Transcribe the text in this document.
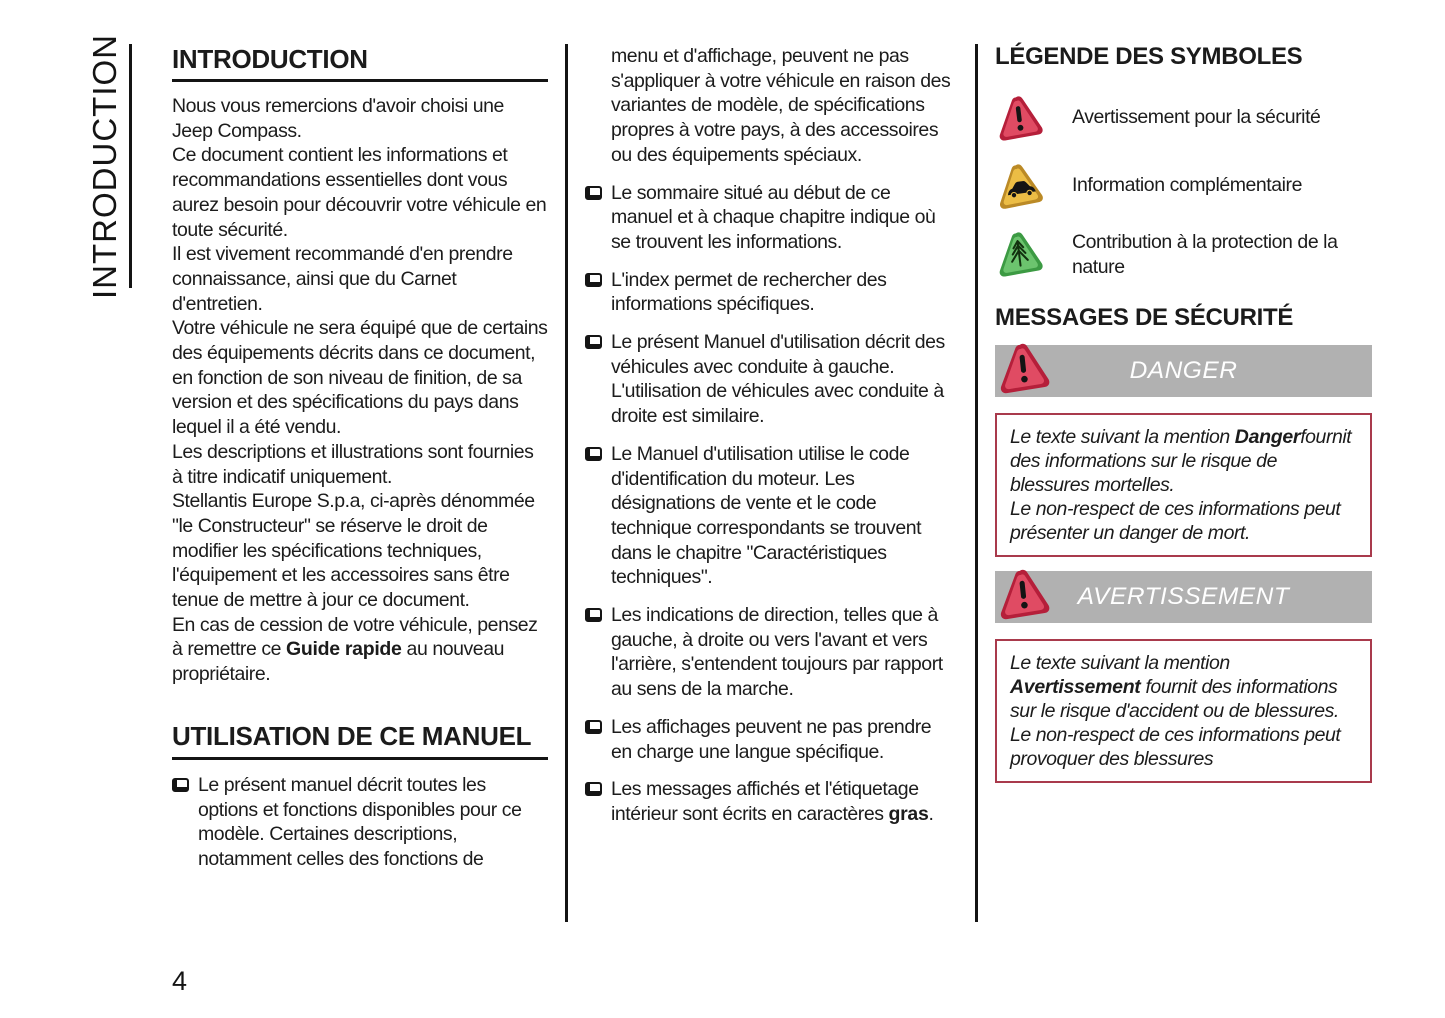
INTRODUCTION INTRODUCTION

Nous vous remercions d'avoir choisi une Jeep Compass.

Ce document contient les informations et recommandations essentielles dont vous aurez besoin pour découvrir votre véhicule en toute sécurité.

Il est vivement recommandé d'en prendre connaissance, ainsi que du Carnet d'entretien.

Votre véhicule ne sera équipé que de certains des équipements décrits dans ce document, en fonction de son niveau de finition, de sa version et des spécifications du pays dans lequel il a été vendu.

Les descriptions et illustrations sont fournies à titre indicatif uniquement.

Stellantis Europe S.p.a, ci-après dénommée "le Constructeur" se réserve le droit de modifier les spécifications techniques, l'équipement et les accessoires sans être tenue de mettre à jour ce document.

En cas de cession de votre véhicule, pensez à remettre ce Guide rapide au nouveau propriétaire.

UTILISATION DE CE MANUEL
Le présent manuel décrit toutes les options et fonctions disponibles pour ce modèle. Certaines descriptions, notamment celles des fonctions de
menu et d'affichage, peuvent ne pas s'appliquer à votre véhicule en raison des variantes de modèle, de spécifications propres à votre pays, à des accessoires ou des équipements spéciaux.
Le sommaire situé au début de ce manuel et à chaque chapitre indique où se trouvent les informations.
L'index permet de rechercher des informations spécifiques.
Le présent Manuel d'utilisation décrit des véhicules avec conduite à gauche. L'utilisation de véhicules avec conduite à droite est similaire.
Le Manuel d'utilisation utilise le code d'identification du moteur. Les désignations de vente et le code technique correspondants se trouvent dans le chapitre "Caractéristiques techniques".
Les indications de direction, telles que à gauche, à droite ou vers l'avant et vers l'arrière, s'entendent toujours par rapport au sens de la marche.
Les affichages peuvent ne pas prendre en charge une langue spécifique.
Les messages affichés et l'étiquetage intérieur sont écrits en caractères gras.
LÉGENDE DES SYMBOLES
Avertissement pour la sécurité
Information complémentaire
Contribution à la protection de la nature
MESSAGES DE SÉCURITÉ
DANGER

Le texte suivant la mention Dangerfournit des informations sur le risque de blessures mortelles.

Le non-respect de ces informations peut présenter un danger de mort.

AVERTISSEMENT

Le texte suivant la mention Avertissement fournit des informations sur le risque d'accident ou de blessures.

Le non-respect de ces informations peut provoquer des blessures

4
